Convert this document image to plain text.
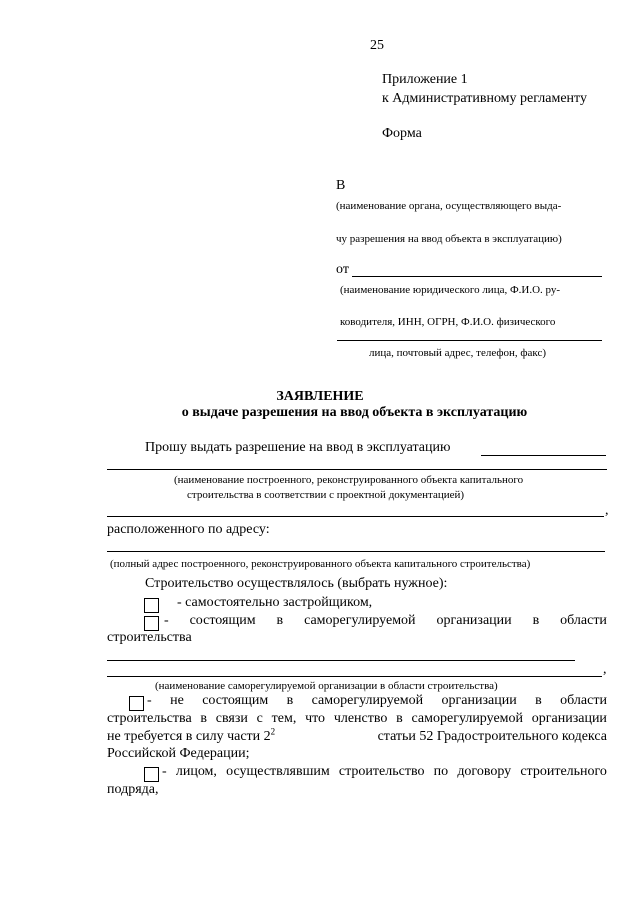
25
Приложение 1
к Административному регламенту
Форма
В
(наименование органа, осуществляющего выда-
чу разрешения на ввод объекта в эксплуатацию)
от
(наименование юридического лица, Ф.И.О. ру-
ководителя, ИНН, ОГРН, Ф.И.О. физического
лица, почтовый адрес, телефон, факс)
ЗАЯВЛЕНИЕ
о выдаче разрешения на ввод объекта в эксплуатацию
Прошу выдать разрешение на ввод в эксплуатацию
(наименование построенного, реконструированного объекта капитального
строительства в соответствии с проектной документацией)
,
расположенного по адресу:
(полный адрес построенного, реконструированного объекта капитального строительства)
Строительство осуществлялось (выбрать нужное):
- самостоятельно застройщиком,
- состоящим в саморегулируемой организации в области
строительства
,
(наименование саморегулируемой организации в области строительства)
- не состоящим в саморегулируемой организации в области
строительства в связи с тем, что членство в саморегулируемой организации
не требуется в силу части $2^2$	статьи 52 Градостроительного кодекса
Российской Федерации;
- лицом, осуществлявшим строительство по договору строительного
подряда,
